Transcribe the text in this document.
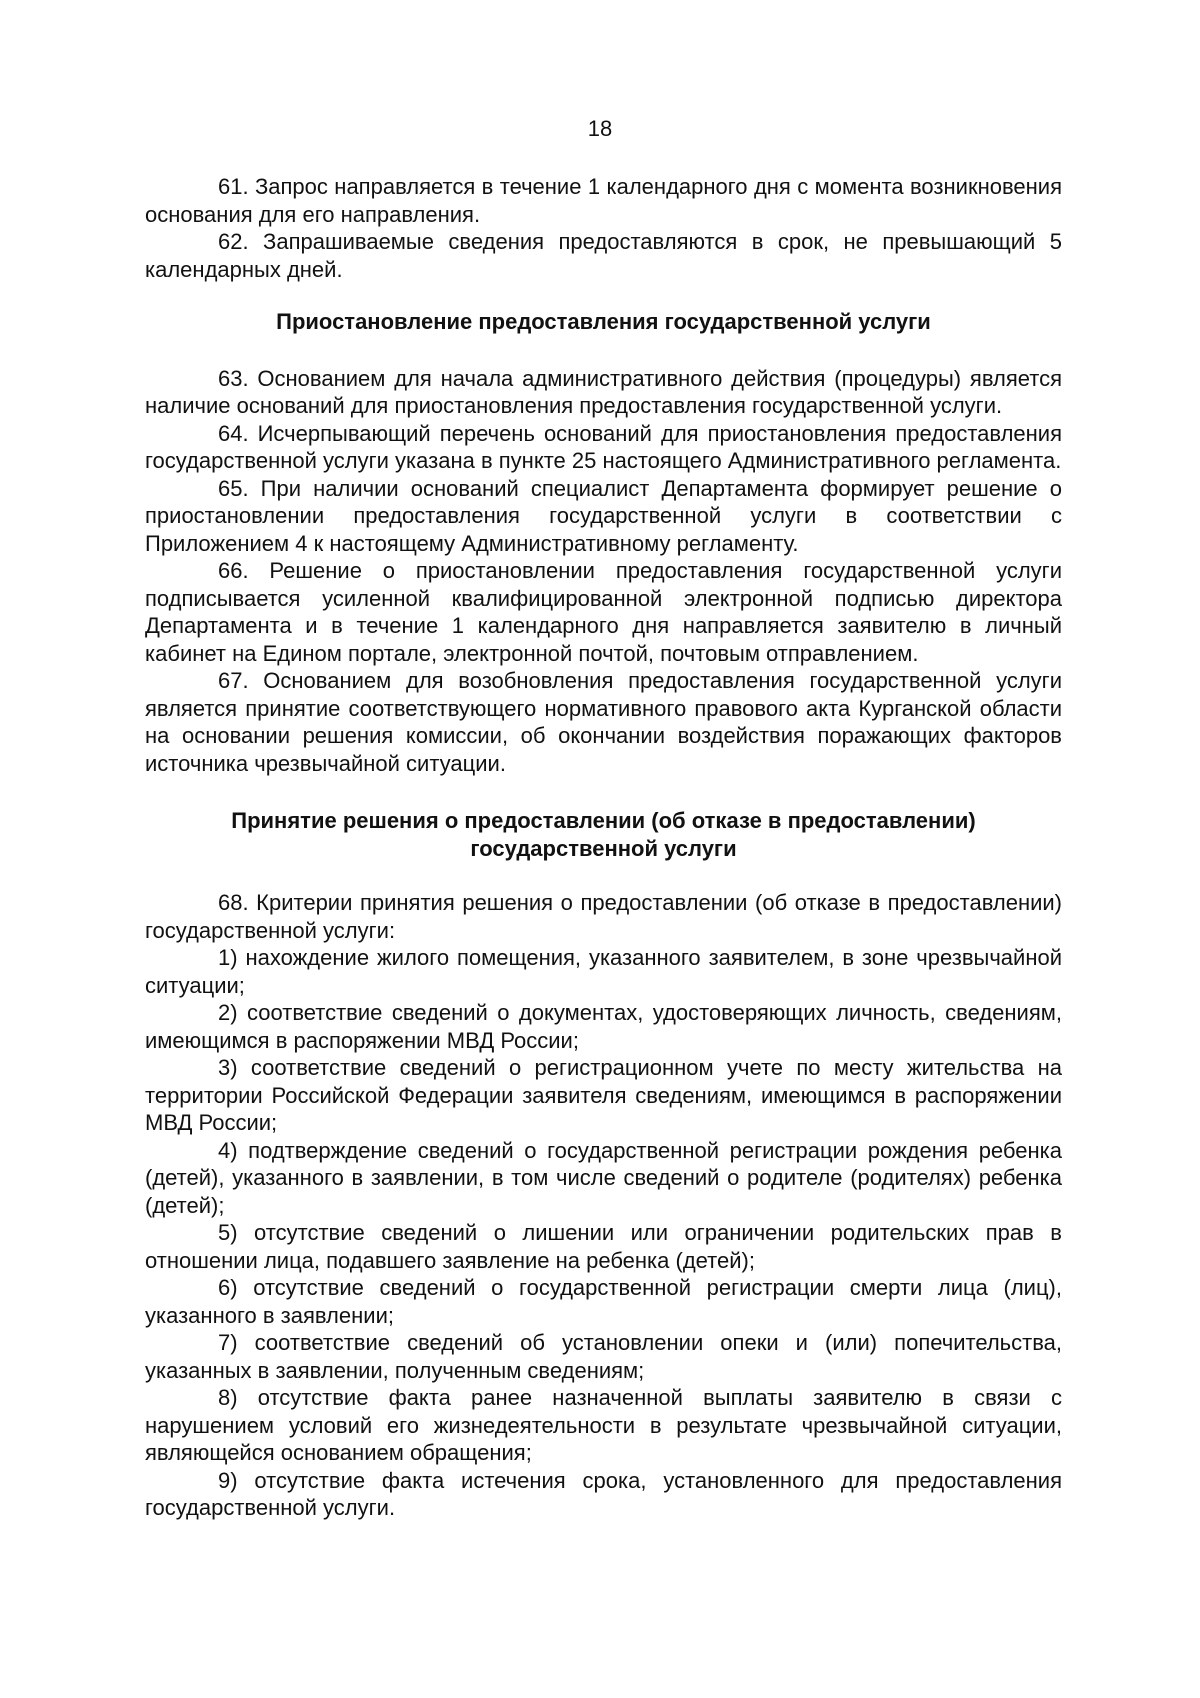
18

61. Запрос направляется в течение 1 календарного дня с момента возникновения основания для его направления.

62. Запрашиваемые сведения предоставляются в срок, не превышающий 5 календарных дней.

Приостановление предоставления государственной услуги

63. Основанием для начала административного действия (процедуры) является наличие оснований для приостановления предоставления государственной услуги.

64. Исчерпывающий перечень оснований для приостановления предоставления государственной услуги указана в пункте 25 настоящего Административного регламента.

65. При наличии оснований специалист Департамента формирует решение о приостановлении предоставления государственной услуги в соответствии с Приложением 4 к настоящему Административному регламенту.

66. Решение о приостановлении предоставления государственной услуги подписывается усиленной квалифицированной электронной подписью директора Департамента и в течение 1 календарного дня направляется заявителю в личный кабинет на Едином портале, электронной почтой, почтовым отправлением.

67. Основанием для возобновления предоставления государственной услуги является принятие соответствующего нормативного правового акта Курганской области на основании решения комиссии, об окончании воздействия поражающих факторов источника чрезвычайной ситуации.

Принятие решения о предоставлении (об отказе в предоставлении)

государственной услуги

68. Критерии принятия решения о предоставлении (об отказе в предоставлении) государственной услуги:

1) нахождение жилого помещения, указанного заявителем, в зоне чрезвычайной ситуации;

2) соответствие сведений о документах, удостоверяющих личность, сведениям, имеющимся в распоряжении МВД России;

3) соответствие сведений о регистрационном учете по месту жительства на территории Российской Федерации заявителя сведениям, имеющимся в распоряжении МВД России;

4) подтверждение сведений о государственной регистрации рождения ребенка (детей), указанного в заявлении, в том числе сведений о родителе (родителях) ребенка (детей);

5) отсутствие сведений о лишении или ограничении родительских прав в отношении лица, подавшего заявление на ребенка (детей);

6) отсутствие сведений о государственной регистрации смерти лица (лиц), указанного в заявлении;

7) соответствие сведений об установлении опеки и (или) попечительства, указанных в заявлении, полученным сведениям;

8) отсутствие факта ранее назначенной выплаты заявителю в связи с нарушением условий его жизнедеятельности в результате чрезвычайной ситуации, являющейся основанием обращения;

9) отсутствие факта истечения срока, установленного для предоставления государственной услуги.
